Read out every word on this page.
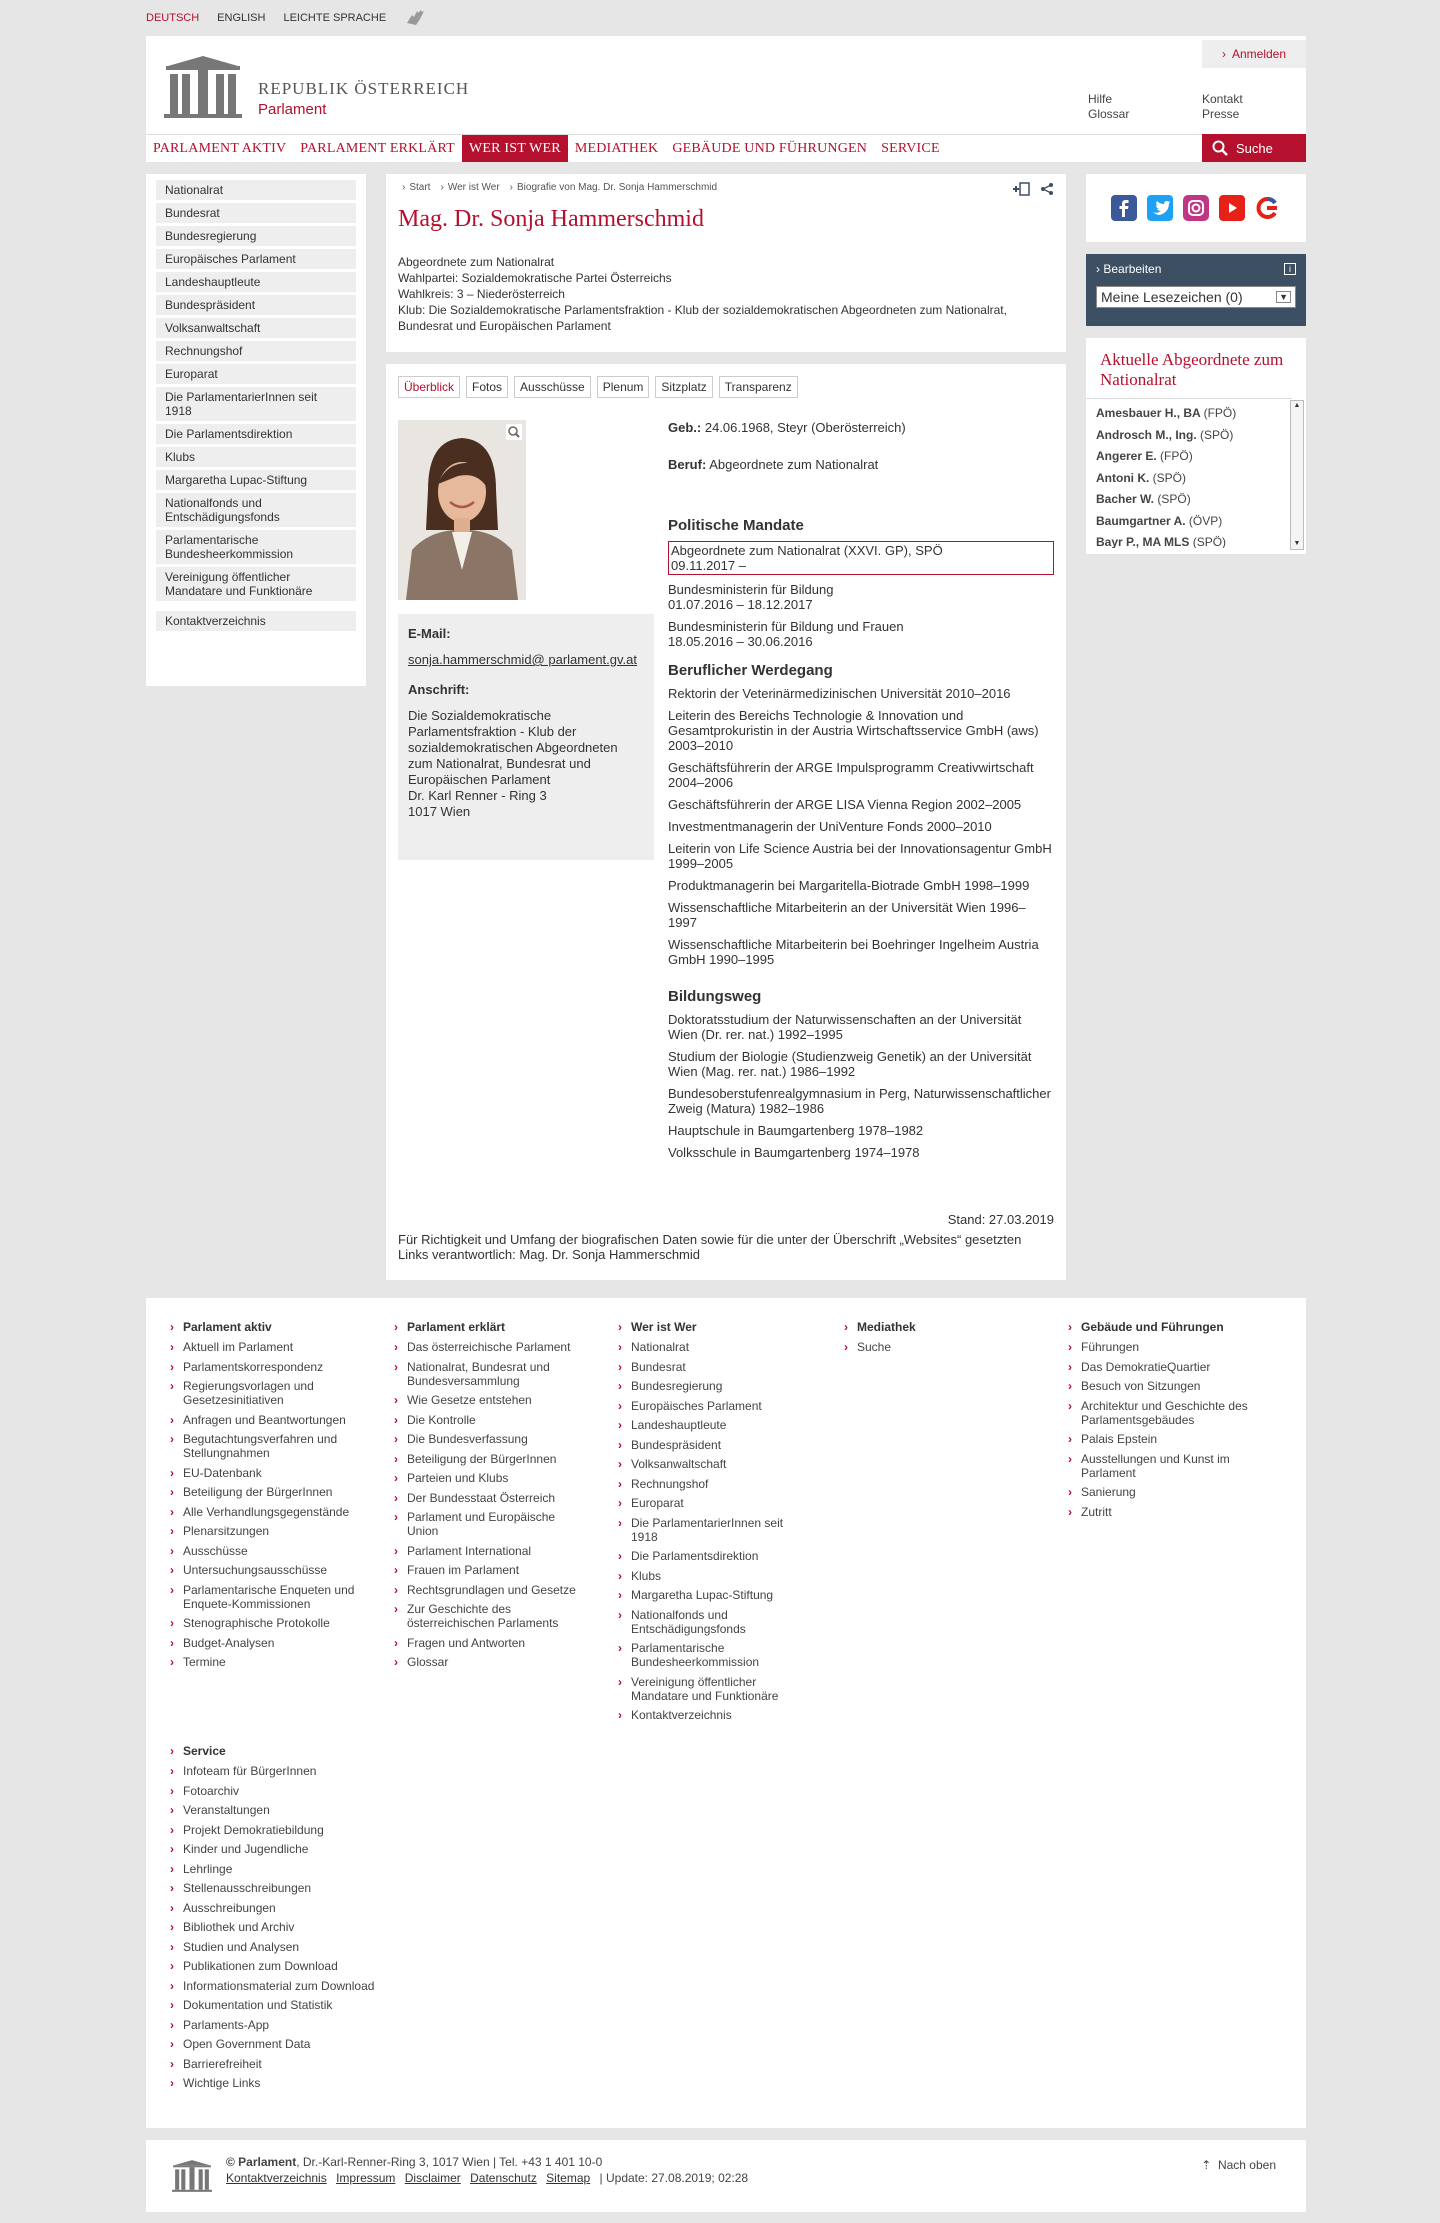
DEUTSCH ENGLISH LEICHTE SPRACHE
REPUBLIK ÖSTERREICH
Parlament
› Anmelden
Hilfe
Glossar
Kontakt
Presse
PARLAMENT AKTIV	PARLAMENT ERKLÄRT	WER IST WER	MEDIATHEK	GEBÄUDE UND FÜHRUNGEN	SERVICE	Suche
Nationalrat
Bundesrat
Bundesregierung
Europäisches Parlament
Landeshauptleute
Bundespräsident
Volksanwaltschaft
Rechnungshof
Europarat
Die ParlamentarierInnen seit 1918
Die Parlamentsdirektion
Klubs
Margaretha Lupac-Stiftung
Nationalfonds und Entschädigungsfonds
Parlamentarische Bundesheerkommission
Vereinigung öffentlicher Mandatare und Funktionäre
Kontaktverzeichnis
› Start	› Wer ist Wer	› Biografie von Mag. Dr. Sonja Hammerschmid
Mag. Dr. Sonja Hammerschmid
Abgeordnete zum Nationalrat
Wahlpartei: Sozialdemokratische Partei Österreichs
Wahlkreis: 3 – Niederösterreich
Klub: Die Sozialdemokratische Parlamentsfraktion - Klub der sozialdemokratischen Abgeordneten zum Nationalrat, Bundesrat und Europäischen Parlament
Überblick	Fotos	Ausschüsse	Plenum	Sitzplatz	Transparenz
E-Mail:
sonja.hammerschmid@ parlament.gv.at
Anschrift:
Die Sozialdemokratische Parlamentsfraktion - Klub der sozialdemokratischen Abgeordneten zum Nationalrat, Bundesrat und Europäischen Parlament
Dr. Karl Renner - Ring 3
1017 Wien
Geb.: 24.06.1968, Steyr (Oberösterreich)
Beruf: Abgeordnete zum Nationalrat
Politische Mandate
Abgeordnete zum Nationalrat (XXVI. GP), SPÖ
09.11.2017 –
Bundesministerin für Bildung
01.07.2016 – 18.12.2017
Bundesministerin für Bildung und Frauen
18.05.2016 – 30.06.2016
Beruflicher Werdegang
Rektorin der Veterinärmedizinischen Universität 2010–2016
Leiterin des Bereichs Technologie & Innovation und Gesamtprokuristin in der Austria Wirtschaftsservice GmbH (aws) 2003–2010
Geschäftsführerin der ARGE Impulsprogramm Creativwirtschaft 2004–2006
Geschäftsführerin der ARGE LISA Vienna Region 2002–2005
Investmentmanagerin der UniVenture Fonds 2000–2010
Leiterin von Life Science Austria bei der Innovationsagentur GmbH 1999–2005
Produktmanagerin bei Margaritella-Biotrade GmbH 1998–1999
Wissenschaftliche Mitarbeiterin an der Universität Wien 1996–1997
Wissenschaftliche Mitarbeiterin bei Boehringer Ingelheim Austria GmbH 1990–1995
Bildungsweg
Doktoratsstudium der Naturwissenschaften an der Universität Wien (Dr. rer. nat.) 1992–1995
Studium der Biologie (Studienzweig Genetik) an der Universität Wien (Mag. rer. nat.) 1986–1992
Bundesoberstufenrealgymnasium in Perg, Naturwissenschaftlicher Zweig (Matura) 1982–1986
Hauptschule in Baumgartenberg 1978–1982
Volksschule in Baumgartenberg 1974–1978
Stand: 27.03.2019
Für Richtigkeit und Umfang der biografischen Daten sowie für die unter der Überschrift „Websites“ gesetzten Links verantwortlich: Mag. Dr. Sonja Hammerschmid
› Bearbeiten	i
Meine Lesezeichen (0)	▼
Aktuelle Abgeordnete zum Nationalrat
Amesbauer H., BA (FPÖ)
Androsch M., Ing. (SPÖ)
Angerer E. (FPÖ)
Antoni K. (SPÖ)
Bacher W. (SPÖ)
Baumgartner A. (ÖVP)
Bayr P., MA MLS (SPÖ)
▲
▼
› Parlament aktiv
› Aktuell im Parlament
› Parlamentskorrespondenz
› Regierungsvorlagen und Gesetzesinitiativen
› Anfragen und Beantwortungen
› Begutachtungsverfahren und Stellungnahmen
› EU-Datenbank
› Beteiligung der BürgerInnen
› Alle Verhandlungsgegenstände
› Plenarsitzungen
› Ausschüsse
› Untersuchungsausschüsse
› Parlamentarische Enqueten und Enquete-Kommissionen
› Stenographische Protokolle
› Budget-Analysen
› Termine
› Parlament erklärt
› Das österreichische Parlament
› Nationalrat, Bundesrat und Bundesversammlung
› Wie Gesetze entstehen
› Die Kontrolle
› Die Bundesverfassung
› Beteiligung der BürgerInnen
› Parteien und Klubs
› Der Bundesstaat Österreich
› Parlament und Europäische Union
› Parlament International
› Frauen im Parlament
› Rechtsgrundlagen und Gesetze
› Zur Geschichte des österreichischen Parlaments
› Fragen und Antworten
› Glossar
› Wer ist Wer
› Nationalrat
› Bundesrat
› Bundesregierung
› Europäisches Parlament
› Landeshauptleute
› Bundespräsident
› Volksanwaltschaft
› Rechnungshof
› Europarat
› Die ParlamentarierInnen seit 1918
› Die Parlamentsdirektion
› Klubs
› Margaretha Lupac-Stiftung
› Nationalfonds und Entschädigungsfonds
› Parlamentarische Bundesheerkommission
› Vereinigung öffentlicher Mandatare und Funktionäre
› Kontaktverzeichnis
› Mediathek
› Suche
› Gebäude und Führungen
› Führungen
› Das DemokratieQuartier
› Besuch von Sitzungen
› Architektur und Geschichte des Parlamentsgebäudes
› Palais Epstein
› Ausstellungen und Kunst im Parlament
› Sanierung
› Zutritt
› Service
› Infoteam für BürgerInnen
› Fotoarchiv
› Veranstaltungen
› Projekt Demokratiebildung
› Kinder und Jugendliche
› Lehrlinge
› Stellenausschreibungen
› Ausschreibungen
› Bibliothek und Archiv
› Studien und Analysen
› Publikationen zum Download
› Informationsmaterial zum Download
› Dokumentation und Statistik
› Parlaments-App
› Open Government Data
› Barrierefreiheit
› Wichtige Links
© Parlament, Dr.-Karl-Renner-Ring 3, 1017 Wien | Tel. +43 1 401 10-0
Kontaktverzeichnis Impressum Disclaimer Datenschutz Sitemap | Update: 27.08.2019; 02:28
⇡ Nach oben
